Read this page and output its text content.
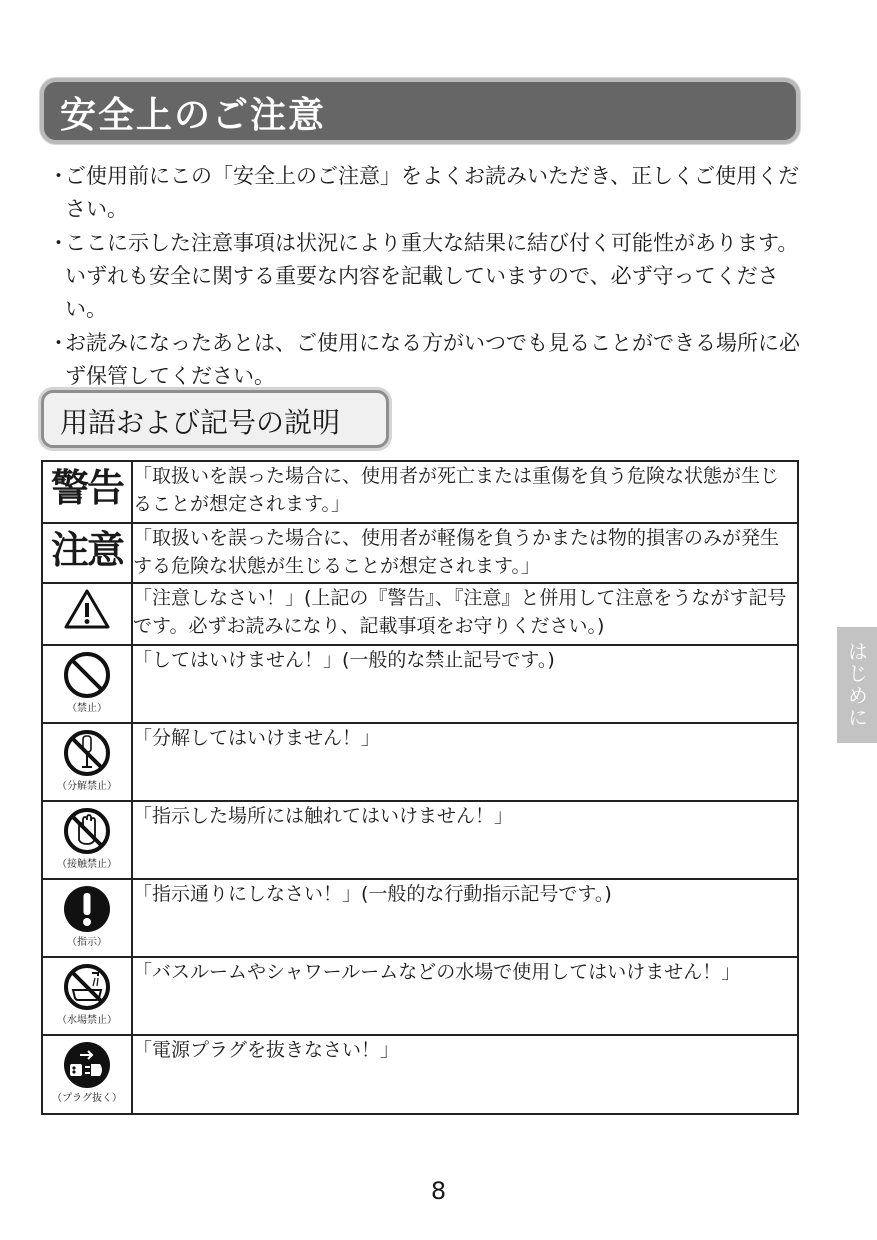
安全上のご注意
・
ご使用前にこの「安全上のご注意」をよくお読みいただき、正しくご使用ください。
・
ここに示した注意事項は状況により重大な結果に結び付く可能性があります。いずれも安全に関する重要な内容を記載していますので、必ず守ってください。
・
お読みになったあとは、ご使用になる方がいつでも見ることができる場所に必ず保管してください。
用語および記号の説明
警告	「取扱いを誤った場合に、使用者が死亡または重傷を負う危険な状態が生じることが想定されます。」
注意	「取扱いを誤った場合に、使用者が軽傷を負うかまたは物的損害のみが発生する危険な状態が生じることが想定されます。」

	「注意しなさい！」(上記の『警告』、『注意』と併用して注意をうながす記号です。必ずお読みになり、記載事項をお守りください。)

（禁止）	「してはいけません！」(一般的な禁止記号です。)

（分解禁止）	「分解してはいけません！」

（接触禁止）	「指示した場所には触れてはいけません！」

（指示）	「指示通りにしなさい！」(一般的な行動指示記号です。)

（水場禁止）	「バスルームやシャワールームなどの水場で使用してはいけません！」

（プラグ抜く）	「電源プラグを抜きなさい！」
はじめに
8
